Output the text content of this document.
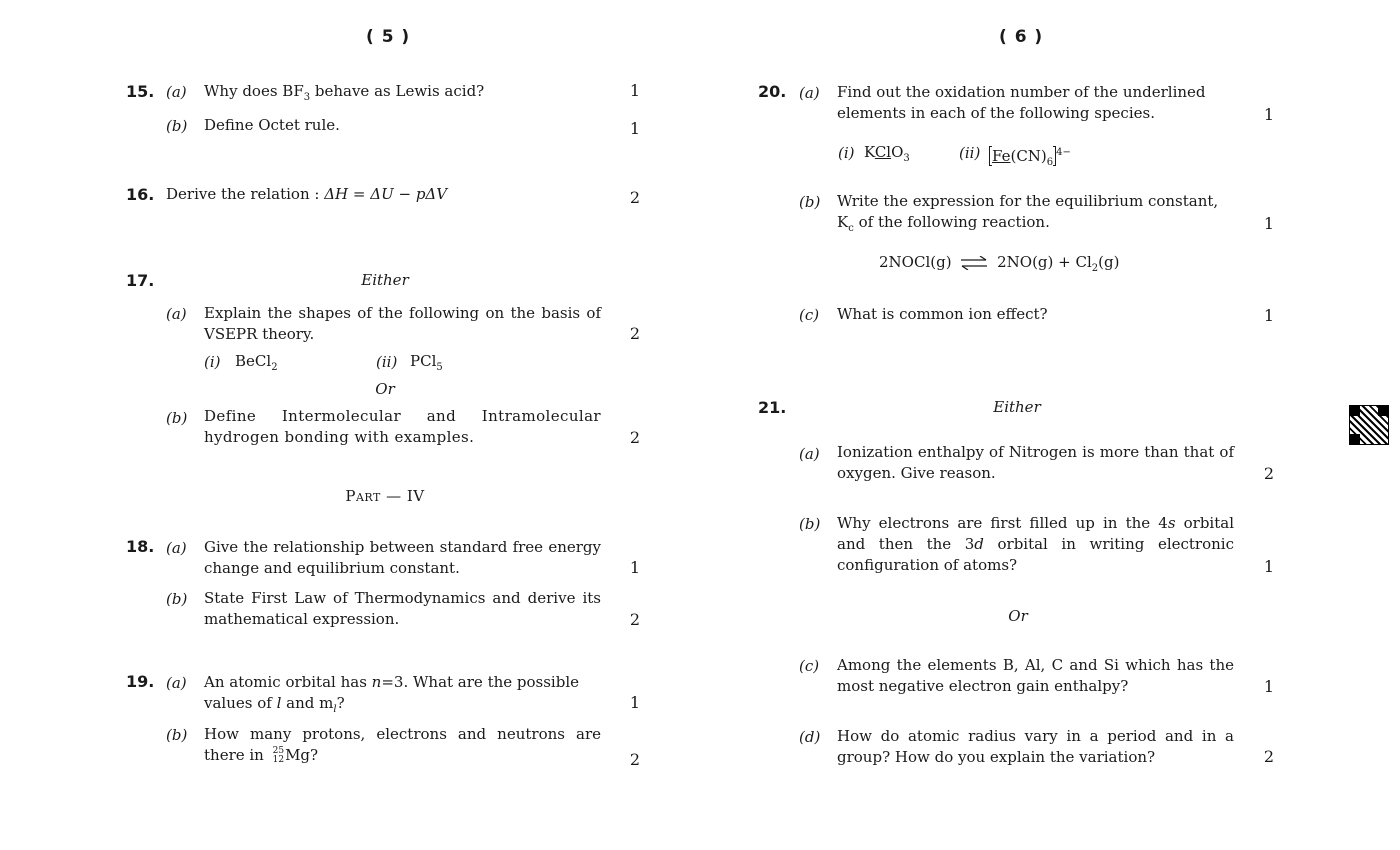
( 5 )	( 6 )
15. (a) Why does $BF_3$ behave as Lewis acid?	1
(b) Define Octet rule.	1
16. Derive the relation : ΔH = ΔU − pΔV	2
17.	Either
(a) Explain the shapes of the following on the basis of VSEPR theory.	2
(i) BeCl$_2$	(ii) PCl$_5$
Or
(b) Define Intermolecular and Intramolecular hydrogen bonding with examples.	2
Part — IV
18. (a) Give the relationship between standard free energy change and equilibrium constant.	1
(b) State First Law of Thermodynamics and derive its mathematical expression.	2
19. (a) An atomic orbital has n=3. What are the possible values of l and $m_l$?	1
(b) How many protons, electrons and neutrons are there in 25
12Mg?	2
20. (a) Find out the oxidation number of the underlined elements in each of the following species.	1
(i) KClO$_3$	(ii) $Fe(CN)_6^{4-}$
(b) Write the expression for the equilibrium constant, $K_c$ of the following reaction.	1
2NOCl(g) ⇌ $2NO(g) + Cl_2(g)$
(c) What is common ion effect?	1
21.	Either
(a) Ionization enthalpy of Nitrogen is more than that of oxygen. Give reason.	2
(b) Why electrons are first filled up in the 4s orbital and then the 3d orbital in writing electronic configuration of atoms?	1
Or
(c) Among the elements B, Al, C and Si which has the most negative electron gain enthalpy?	1
(d) How do atomic radius vary in a period and in a group? How do you explain the variation?	2
